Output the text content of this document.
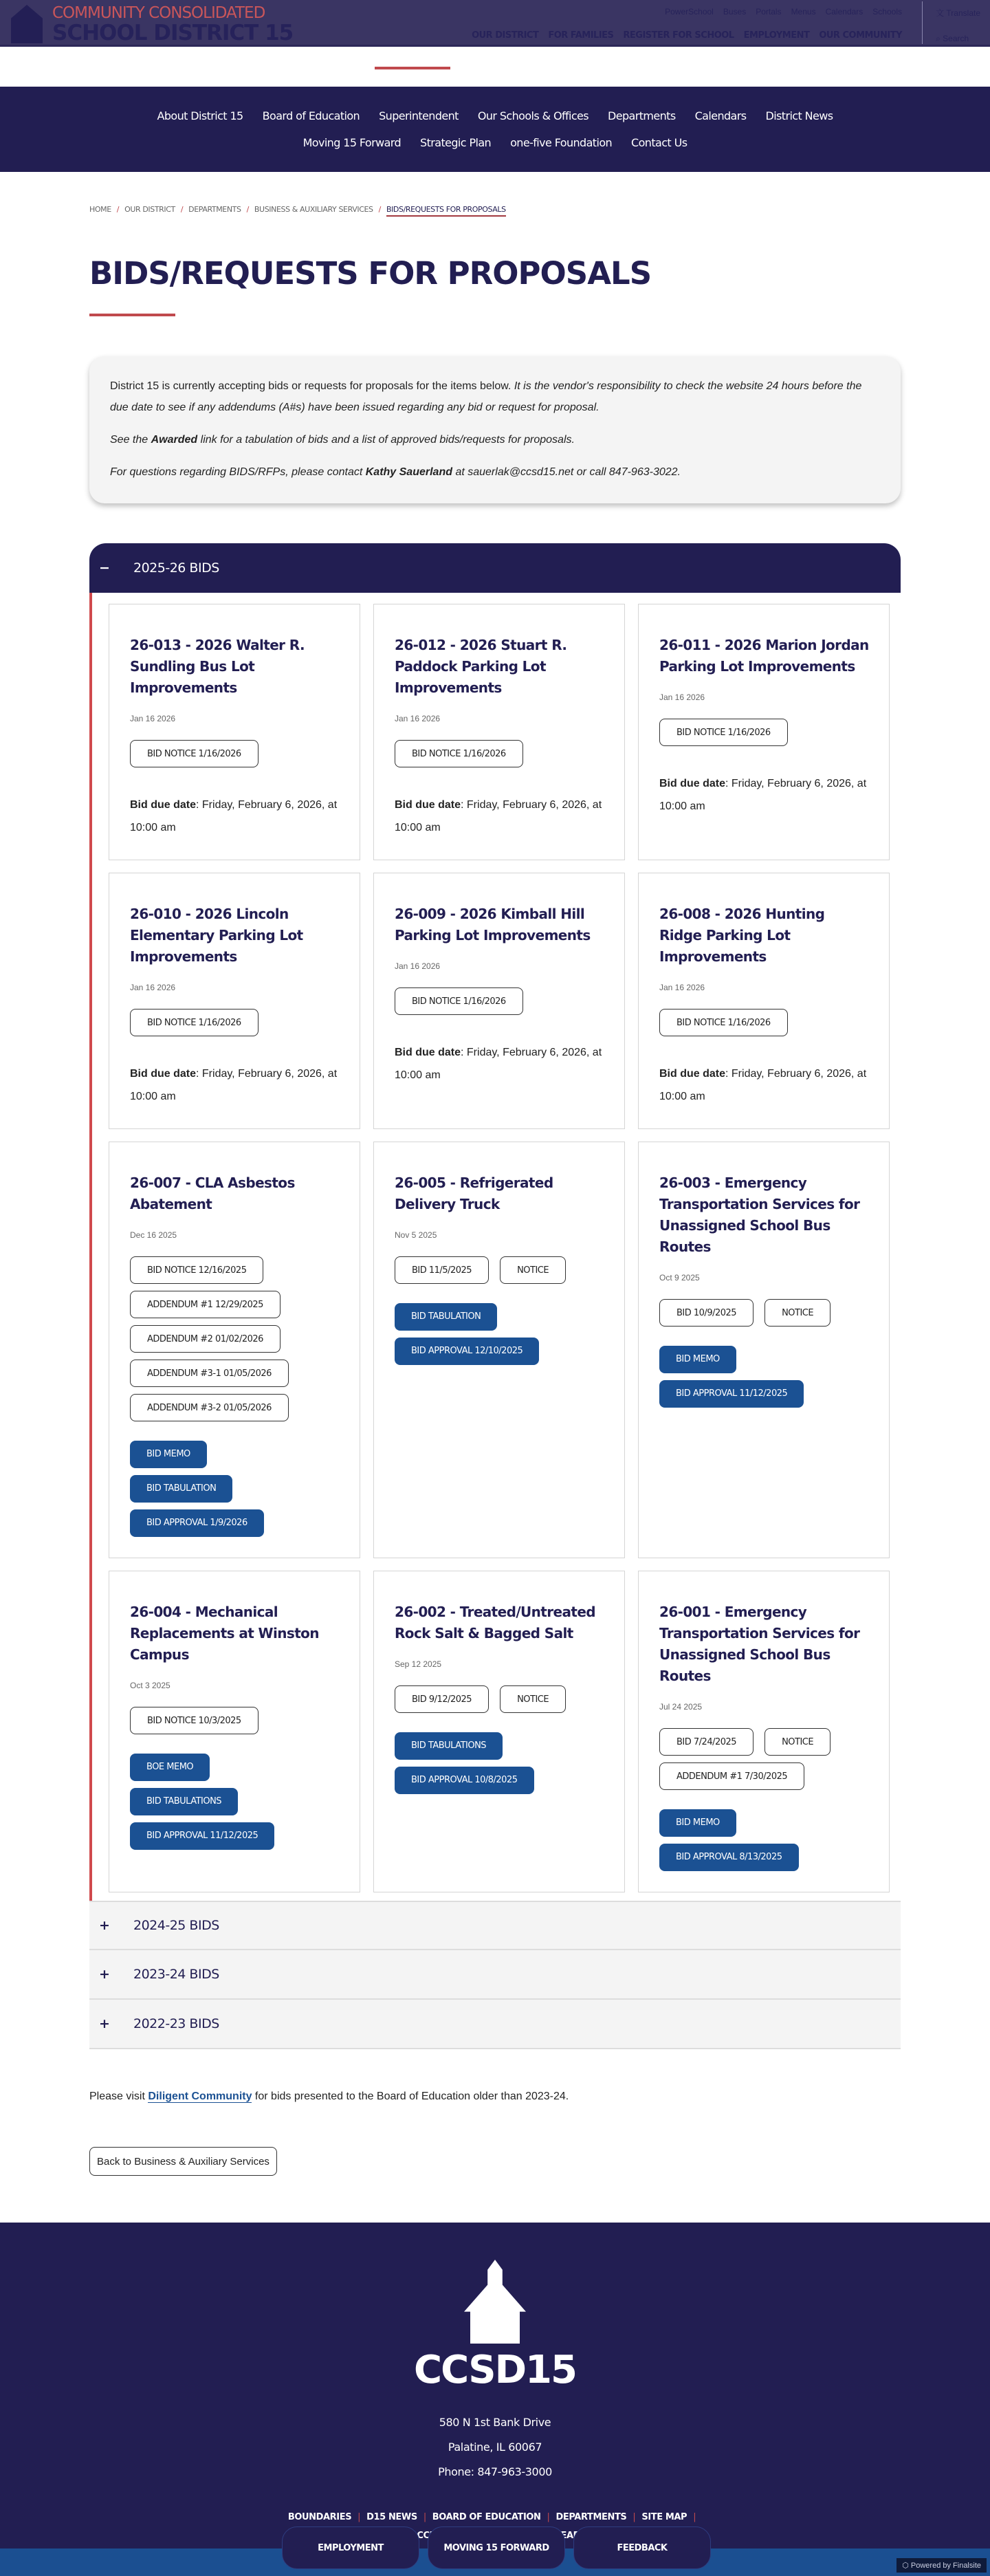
COMMUNITY CONSOLIDATED
SCHOOL DISTRICT 15
PowerSchool Buses Portals Menus Calendars Schools
OUR DISTRICT FOR FAMILIES REGISTER FOR SCHOOL EMPLOYMENT OUR COMMUNITY
文 Translate
⌕ Search
About District 15 Board of Education Superintendent Our Schools & Offices Departments Calendars District News
Moving 15 Forward Strategic Plan one-five Foundation Contact Us
HOME / OUR DISTRICT / DEPARTMENTS / BUSINESS & AUXILIARY SERVICES / BIDS/REQUESTS FOR PROPOSALS
BIDS/REQUESTS FOR PROPOSALS

District 15 is currently accepting bids or requests for proposals for the items below. It is the vendor's responsibility to check the website 24 hours before the due date to see if any addendums (A#s) have been issued regarding any bid or request for proposal.

See the Awarded link for a tabulation of bids and a list of approved bids/requests for proposals.

For questions regarding BIDS/RFPs, please contact Kathy Sauerland at sauerlak@ccsd15.net or call 847-963-3022.

−	2025-26 BIDS
26-013 - 2026 Walter R. Sundling Bus Lot Improvements
Jan 16 2026
BID NOTICE 1/16/2026

Bid due date: Friday, February 6, 2026, at 10:00 am

26-012 - 2026 Stuart R. Paddock Parking Lot Improvements
Jan 16 2026
BID NOTICE 1/16/2026

Bid due date: Friday, February 6, 2026, at 10:00 am

26-011 - 2026 Marion Jordan Parking Lot Improvements
Jan 16 2026
BID NOTICE 1/16/2026

Bid due date: Friday, February 6, 2026, at 10:00 am

26-010 - 2026 Lincoln Elementary Parking Lot Improvements
Jan 16 2026
BID NOTICE 1/16/2026

Bid due date: Friday, February 6, 2026, at 10:00 am

26-009 - 2026 Kimball Hill Parking Lot Improvements
Jan 16 2026
BID NOTICE 1/16/2026

Bid due date: Friday, February 6, 2026, at 10:00 am

26-008 - 2026 Hunting Ridge Parking Lot Improvements
Jan 16 2026
BID NOTICE 1/16/2026

Bid due date: Friday, February 6, 2026, at 10:00 am

26-007 - CLA Asbestos Abatement
Dec 16 2025
BID NOTICE 12/16/2025
ADDENDUM #1 12/29/2025
ADDENDUM #2 01/02/2026
ADDENDUM #3-1 01/05/2026
ADDENDUM #3-2 01/05/2026
BID MEMO
BID TABULATION
BID APPROVAL 1/9/2026
26-005 - Refrigerated Delivery Truck
Nov 5 2025
BID 11/5/2025	NOTICE
BID TABULATION
BID APPROVAL 12/10/2025
26-003 - Emergency Transportation Services for Unassigned School Bus Routes
Oct 9 2025
BID 10/9/2025	NOTICE
BID MEMO
BID APPROVAL 11/12/2025
26-004 - Mechanical Replacements at Winston Campus
Oct 3 2025
BID NOTICE 10/3/2025
BOE MEMO
BID TABULATIONS
BID APPROVAL 11/12/2025
26-002 - Treated/Untreated Rock Salt & Bagged Salt
Sep 12 2025
BID 9/12/2025	NOTICE
BID TABULATIONS
BID APPROVAL 10/8/2025
26-001 - Emergency Transportation Services for Unassigned School Bus Routes
Jul 24 2025
BID 7/24/2025	NOTICE
ADDENDUM #1 7/30/2025
BID MEMO
BID APPROVAL 8/13/2025
+	2024-25 BIDS
+	2023-24 BIDS
+	2022-23 BIDS

Please visit Diligent Community for bids presented to the Board of Education older than 2023-24.

Back to Business & Auxiliary Services
CCSD15
580 N 1st Bank Drive
Palatine, IL 60067
Phone: 847-963-3000
BOUNDARIES | D15 NEWS | BOARD OF EDUCATION | DEPARTMENTS | SITE MAP |
WEAR
EMPLOYMENT	MOVING 15 FORWARD	FEEDBACK
⬡ Powered by Finalsite
